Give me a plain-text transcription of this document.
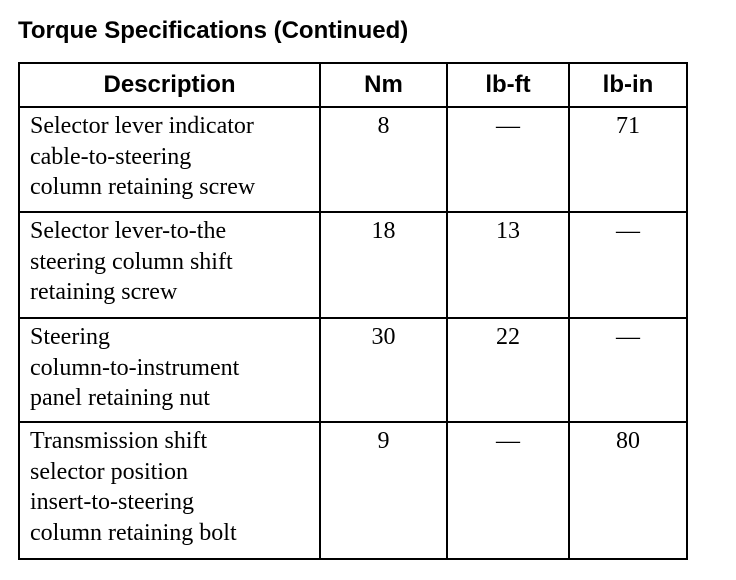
Torque Specifications (Continued)
Description	Nm	lb-ft	lb-in

Selector lever indicator
cable-to-steering
column retaining screw	8	—	71

Selector lever-to-the
steering column shift
retaining screw	18	13	—

Steering
column-to-instrument
panel retaining nut	30	22	—

Transmission shift
selector position
insert-to-steering
column retaining bolt	9	—	80
